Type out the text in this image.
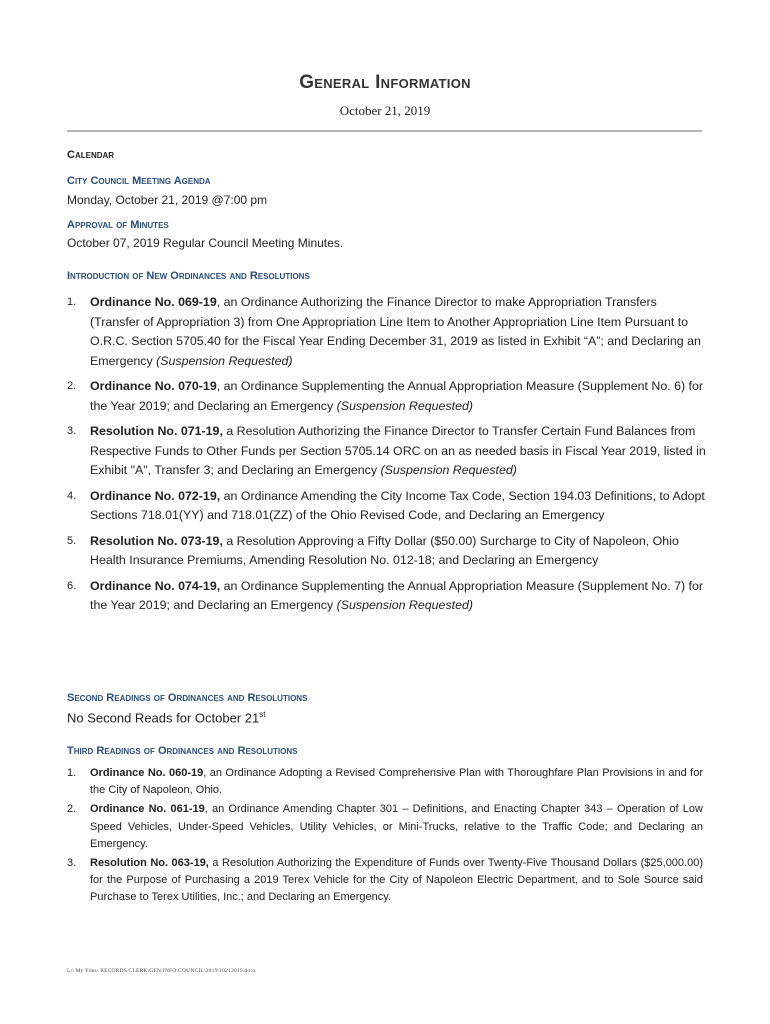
General Information
October 21, 2019
Calendar
City Council Meeting Agenda
Monday, October 21, 2019 @7:00 pm
Approval of Minutes
October 07, 2019 Regular Council Meeting Minutes.
Introduction of New Ordinances and Resolutions
1. Ordinance No. 069-19, an Ordinance Authorizing the Finance Director to make Appropriation Transfers (Transfer of Appropriation 3) from One Appropriation Line Item to Another Appropriation Line Item Pursuant to O.R.C. Section 5705.40 for the Fiscal Year Ending December 31, 2019 as listed in Exhibit “A”; and Declaring an Emergency (Suspension Requested)
2. Ordinance No. 070-19, an Ordinance Supplementing the Annual Appropriation Measure (Supplement No. 6) for the Year 2019; and Declaring an Emergency (Suspension Requested)
3. Resolution No. 071-19, a Resolution Authorizing the Finance Director to Transfer Certain Fund Balances from Respective Funds to Other Funds per Section 5705.14 ORC on an as needed basis in Fiscal Year 2019, listed in Exhibit "A", Transfer 3; and Declaring an Emergency (Suspension Requested)
4. Ordinance No. 072-19, an Ordinance Amending the City Income Tax Code, Section 194.03 Definitions, to Adopt Sections 718.01(YY) and 718.01(ZZ) of the Ohio Revised Code, and Declaring an Emergency
5. Resolution No. 073-19, a Resolution Approving a Fifty Dollar ($50.00) Surcharge to City of Napoleon, Ohio Health Insurance Premiums, Amending Resolution No. 012-18; and Declaring an Emergency
6. Ordinance No. 074-19, an Ordinance Supplementing the Annual Appropriation Measure (Supplement No. 7) for the Year 2019; and Declaring an Emergency (Suspension Requested)
Second Readings of Ordinances and Resolutions
No Second Reads for October 21st
Third Readings of Ordinances and Resolutions
1. Ordinance No. 060-19, an Ordinance Adopting a Revised Comprehensive Plan with Thoroughfare Plan Provisions in and for the City of Napoleon, Ohio.
2. Ordinance No. 061-19, an Ordinance Amending Chapter 301 – Definitions, and Enacting Chapter 343 – Operation of Low Speed Vehicles, Under-Speed Vehicles, Utility Vehicles, or Mini-Trucks, relative to the Traffic Code; and Declaring an Emergency.
3. Resolution No. 063-19, a Resolution Authorizing the Expenditure of Funds over Twenty-Five Thousand Dollars ($25,000.00) for the Purpose of Purchasing a 2019 Terex Vehicle for the City of Napoleon Electric Department, and to Sole Source said Purchase to Terex Utilities, Inc.; and Declaring an Emergency.
L:\ My Files\ RECORDS CLERK\GEN INFO\COUNCIL\2019\10212019.docx
